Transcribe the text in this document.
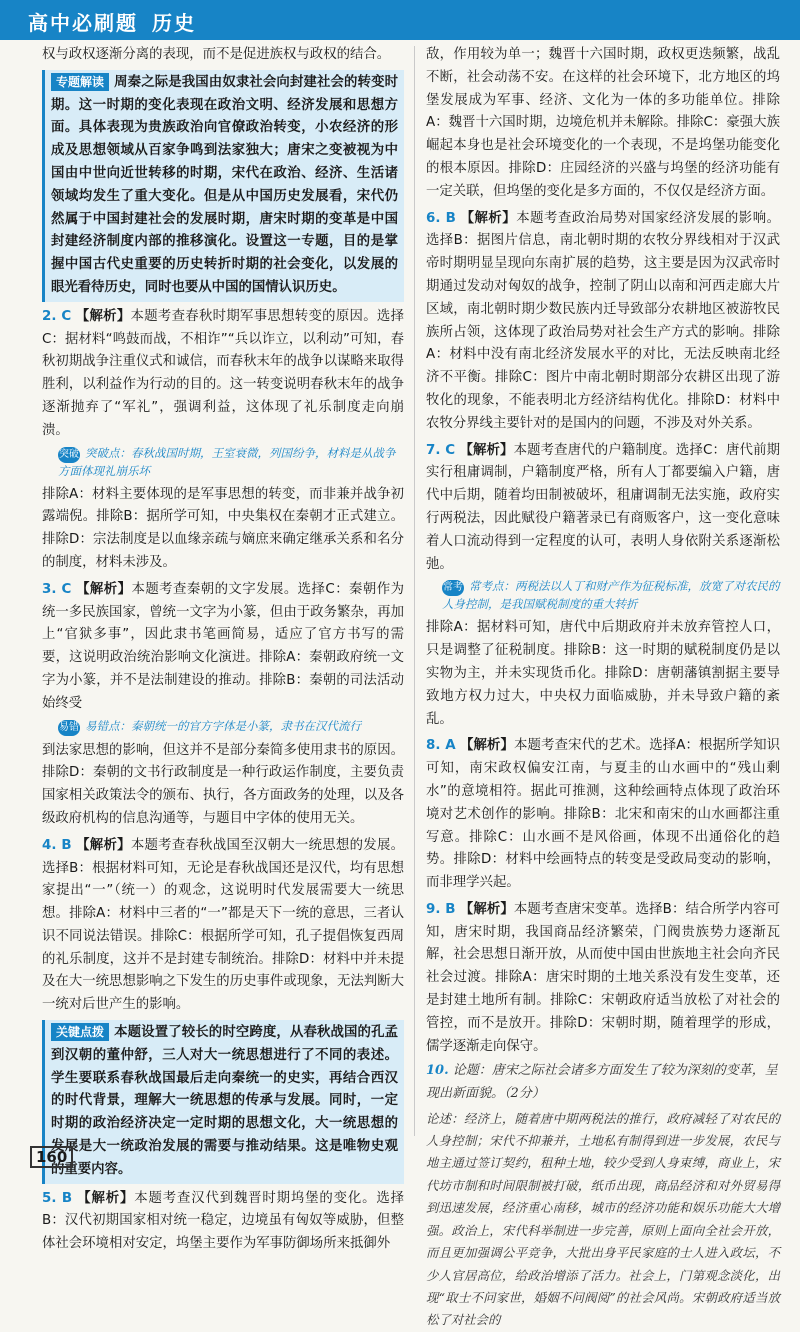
高中必刷题 历史

权与政权逐渐分离的表现，而不是促进族权与政权的结合。

专题解读 周秦之际是我国由奴隶社会向封建社会的转变时期。这一时期的变化表现在政治文明、经济发展和思想方面。具体表现为贵族政治向官僚政治转变，小农经济的形成及思想领域从百家争鸣到法家独大；唐宋之变被视为中国由中世向近世转移的时期，宋代在政治、经济、生活诸领域均发生了重大变化。但是从中国历史发展看，宋代仍然属于中国封建社会的发展时期，唐宋时期的变革是中国封建经济制度内部的推移演化。设置这一专题，目的是掌握中国古代史重要的历史转折时期的社会变化，以发展的眼光看待历史，同时也要从中国的国情认识历史。

2. C 【解析】本题考查春秋时期军事思想转变的原因。选择C：据材料“鸣鼓而战，不相诈”“兵以诈立，以利动”可知，春秋初期战争注重仪式和诚信，而春秋末年的战争以谋略来取得胜利，以利益作为行动的目的。这一转变说明春秋末年的战争逐渐抛弃了“军礼”，强调利益，这体现了礼乐制度走向崩溃。

突破 突破点：春秋战国时期，王室衰微，列国纷争，材料是从战争方面体现礼崩乐坏

排除A：材料主要体现的是军事思想的转变，而非兼并战争初露端倪。排除B：据所学可知，中央集权在秦朝才正式建立。排除D：宗法制度是以血缘亲疏与嫡庶来确定继承关系和名分的制度，材料未涉及。

3. C 【解析】本题考查秦朝的文字发展。选择C：秦朝作为统一多民族国家，曾统一文字为小篆，但由于政务繁杂，再加上“官狱多事”，因此隶书笔画简易，适应了官方书写的需要，这说明政治统治影响文化演进。排除A：秦朝政府统一文字为小篆，并不是法制建设的推动。排除B：秦朝的司法活动始终受

易错 易错点：秦朝统一的官方字体是小篆，隶书在汉代流行

到法家思想的影响，但这并不是部分秦简多使用隶书的原因。排除D：秦朝的文书行政制度是一种行政运作制度，主要负责国家相关政策法令的颁布、执行，各方面政务的处理，以及各级政府机构的信息沟通等，与题目中字体的使用无关。

4. B 【解析】本题考查春秋战国至汉朝大一统思想的发展。选择B：根据材料可知，无论是春秋战国还是汉代，均有思想家提出“一”（统一）的观念，这说明时代发展需要大一统思想。排除A：材料中三者的“一”都是天下一统的意思，三者认识不同说法错误。排除C：根据所学可知，孔子提倡恢复西周的礼乐制度，这并不是封建专制统治。排除D：材料中并未提及在大一统思想影响之下发生的历史事件或现象，无法判断大一统对后世产生的影响。

关键点拨 本题设置了较长的时空跨度，从春秋战国的孔孟到汉朝的董仲舒，三人对大一统思想进行了不同的表述。学生要联系春秋战国最后走向秦统一的史实，再结合西汉的时代背景，理解大一统思想的传承与发展。同时，一定时期的政治经济决定一定时期的思想文化，大一统思想的发展是大一统政治发展的需要与推动结果。这是唯物史观的重要内容。

5. B 【解析】本题考查汉代到魏晋时期坞堡的变化。选择B：汉代初期国家相对统一稳定，边境虽有匈奴等威胁，但整体社会环境相对安定，坞堡主要作为军事防御场所来抵御外

敌，作用较为单一；魏晋十六国时期，政权更迭频繁，战乱不断，社会动荡不安。在这样的社会环境下，北方地区的坞堡发展成为军事、经济、文化为一体的多功能单位。排除A：魏晋十六国时期，边境危机并未解除。排除C：豪强大族崛起本身也是社会环境变化的一个表现，不是坞堡功能变化的根本原因。排除D：庄园经济的兴盛与坞堡的经济功能有一定关联，但坞堡的变化是多方面的，不仅仅是经济方面。

6. B 【解析】本题考查政治局势对国家经济发展的影响。选择B：据图片信息，南北朝时期的农牧分界线相对于汉武帝时期明显呈现向东南扩展的趋势，这主要是因为汉武帝时期通过发动对匈奴的战争，控制了阴山以南和河西走廊大片区域，南北朝时期少数民族内迁导致部分农耕地区被游牧民族所占领，这体现了政治局势对社会生产方式的影响。排除A：材料中没有南北经济发展水平的对比，无法反映南北经济不平衡。排除C：图片中南北朝时期部分农耕区出现了游牧化的现象，不能表明北方经济结构优化。排除D：材料中农牧分界线主要针对的是国内的问题，不涉及对外关系。

7. C 【解析】本题考查唐代的户籍制度。选择C：唐代前期实行租庸调制，户籍制度严格，所有人丁都要编入户籍，唐代中后期，随着均田制被破坏，租庸调制无法实施，政府实行两税法，因此赋役户籍著录已有商贩客户，这一变化意味着人口流动得到一定程度的认可，表明人身依附关系逐渐松弛。

常考 常考点：两税法以人丁和财产作为征税标准，放宽了对农民的人身控制，是我国赋税制度的重大转折

排除A：据材料可知，唐代中后期政府并未放弃管控人口，只是调整了征税制度。排除B：这一时期的赋税制度仍是以实物为主，并未实现货币化。排除D：唐朝藩镇割据主要导致地方权力过大，中央权力面临威胁，并未导致户籍的紊乱。

8. A 【解析】本题考查宋代的艺术。选择A：根据所学知识可知，南宋政权偏安江南，与夏圭的山水画中的“残山剩水”的意境相符。据此可推测，这种绘画特点体现了政治环境对艺术创作的影响。排除B：北宋和南宋的山水画都注重写意。排除C：山水画不是风俗画，体现不出通俗化的趋势。排除D：材料中绘画特点的转变是受政局变动的影响，而非理学兴起。

9. B 【解析】本题考查唐宋变革。选择B：结合所学内容可知，唐宋时期，我国商品经济繁荣，门阀贵族势力逐渐瓦解，社会思想日渐开放，从而使中国由世族地主社会向齐民社会过渡。排除A：唐宋时期的土地关系没有发生变革，还是封建土地所有制。排除C：宋朝政府适当放松了对社会的管控，而不是放开。排除D：宋朝时期，随着理学的形成，儒学逐渐走向保守。

10. 论题：唐宋之际社会诸多方面发生了较为深刻的变革，呈现出新面貌。（2分）

论述：经济上，随着唐中期两税法的推行，政府减轻了对农民的人身控制；宋代不抑兼并，土地私有制得到进一步发展，农民与地主通过签订契约，租种土地，较少受到人身束缚，商业上，宋代坊市制和时间限制被打破，纸币出现，商品经济和对外贸易得到迅速发展，经济重心南移，城市的经济功能和娱乐功能大大增强。政治上，宋代科举制进一步完善，原则上面向全社会开放，而且更加强调公平竞争，大批出身平民家庭的士人进入政坛，不少人官居高位，给政治增添了活力。社会上，门第观念淡化，出现“取士不问家世，婚姻不问阀阅”的社会风尚。宋朝政府适当放松了对社会的

160
